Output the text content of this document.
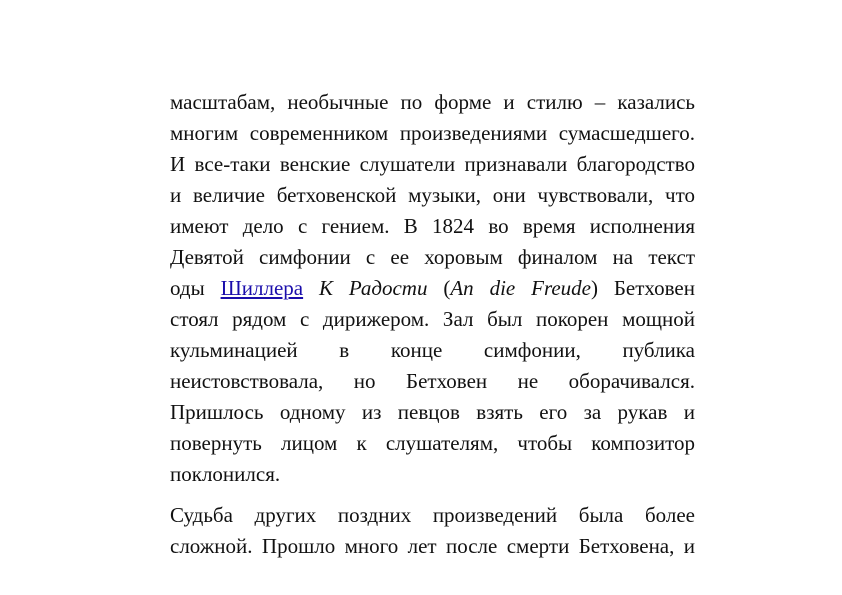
масштабам, необычные по форме и стилю – казались
многим современником произведениями сумасшедшего.
И все-таки венские слушатели признавали благородство
и величие бетховенской музыки, они чувствовали, что
имеют дело с гением. В 1824 во время исполнения
Девятой симфонии с ее хоровым финалом на текст
оды Шиллера К Радости (An die Freude) Бетховен
стоял рядом с дирижером. Зал был покорен мощной
кульминацией в конце симфонии, публика
неистовствовала, но Бетховен не оборачивался.
Пришлось одному из певцов взять его за рукав и
повернуть лицом к слушателям, чтобы композитор
поклонился.
Судьба других поздних произведений была более
сложной. Прошло много лет после смерти Бетховена, и
